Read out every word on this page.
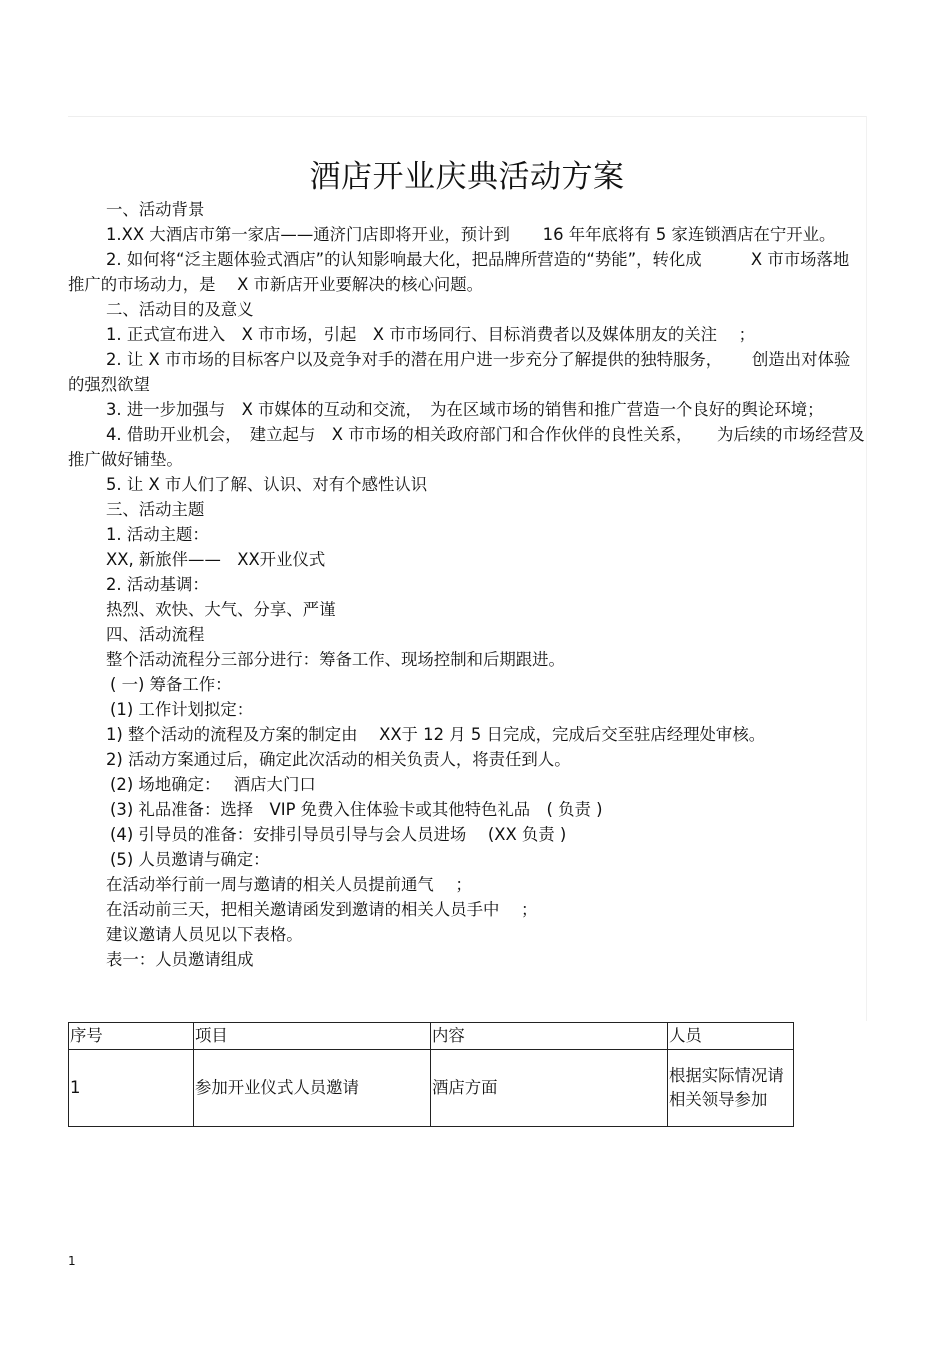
酒店开业庆典活动方案

一、活动背景

1.XX 大酒店市第一家店——通济门店即将开业，预计到　　16 年年底将有 5 家连锁酒店在宁开业。

2. 如何将“泛主题体验式酒店”的认知影响最大化，把品牌所营造的“势能”，转化成　　　X 市市场落地推广的市场动力，是　 X 市新店开业要解决的核心问题。

二、活动目的及意义

1. 正式宣布进入　X 市市场，引起　X 市市场同行、目标消费者以及媒体朋友的关注　 ；

2. 让 X 市市场的目标客户以及竞争对手的潜在用户进一步充分了解提供的独特服务，　　 创造出对体验的强烈欲望

3. 进一步加强与　X 市媒体的互动和交流，　为在区域市场的销售和推广营造一个良好的舆论环境；

4. 借助开业机会，　建立起与　X 市市场的相关政府部门和合作伙伴的良性关系，　　为后续的市场经营及推广做好铺垫。

5. 让 X 市人们了解、认识、对有个感性认识

三、活动主题

1. 活动主题：

XX, 新旅伴——　XX开业仪式

2. 活动基调：

热烈、欢快、大气、分享、严谨

四、活动流程

整个活动流程分三部分进行：筹备工作、现场控制和后期跟进。

( 一) 筹备工作：

(1) 工作计划拟定：

1) 整个活动的流程及方案的制定由　 XX于 12 月 5 日完成，完成后交至驻店经理处审核。

2) 活动方案通过后，确定此次活动的相关负责人，将责任到人。

(2) 场地确定：　 酒店大门口

(3) 礼品准备：选择　VIP 免费入住体验卡或其他特色礼品　( 负责 )

(4) 引导员的准备：安排引导员引导与会人员进场　 (XX 负责 )

(5) 人员邀请与确定：

在活动举行前一周与邀请的相关人员提前通气　 ；

在活动前三天，把相关邀请函发到邀请的相关人员手中　 ；

建议邀请人员见以下表格。

表一：人员邀请组成

序号	项目	内容	人员
1	参加开业仪式人员邀请	酒店方面	根据实际情况请相关领导参加
1
